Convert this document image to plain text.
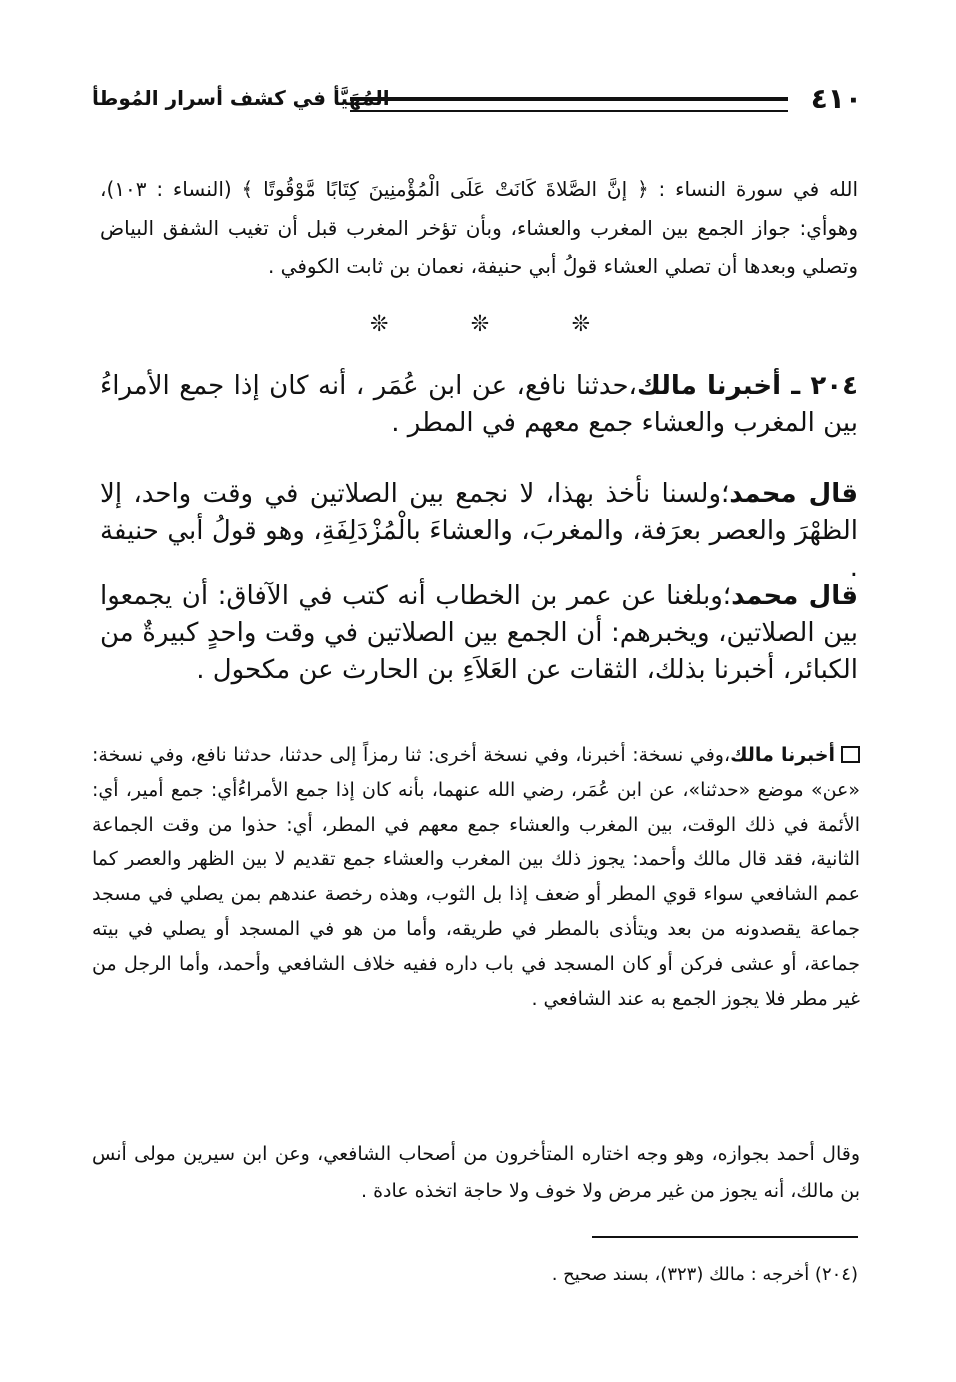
٤١٠
المُهَيَّأ في كشف أسرار المُوطأ

الله في سورة النساء : ﴿ إنَّ الصَّلاةَ كَانَتْ عَلَى الْمُؤْمنِينَ كِتَابًا مَّوْقُوتًا ﴾ (النساء : ١٠٣)، وهوأي: جواز الجمع بين المغرب والعشاء، وبأن تؤخر المغرب قبل أن تغيب الشفق البياض وتصلي وبعدها أن تصلي العشاء قولُ أبي حنيفة، نعمان بن ثابت الكوفي .

❊	❊	❊

٢٠٤ ـ أخبرنا مالك،حدثنا نافع، عن ابن عُمَر ، أنه كان إذا جمع الأمراءُ بين المغرب والعشاء جمع معهم في المطر .

قال محمد؛ولسنا نأخذ بهذا، لا نجمع بين الصلاتين في وقت واحد، إلا الظهْرَ والعصر بعرَفة، والمغربَ، والعشاءَ بالْمُزْدَلِفَةِ، وهو قولُ أبي حنيفة .

قال محمد؛وبلغنا عن عمر بن الخطاب أنه كتب في الآفاق: أن يجمعوا بين الصلاتين، ويخبرهم: أن الجمع بين الصلاتين في وقت واحدٍ كبيرةٌ من الكبائر، أخبرنا بذلك، الثقات عن العَلاَءِ بن الحارث عن مكحول .

أخبرنا مالك،وفي نسخة: أخبرنا، وفي نسخة أخرى: ثنا رمزاً إلى حدثنا، حدثنا نافع، وفي نسخة: «عن» موضع «حدثنا»، عن ابن عُمَر، رضي الله عنهما، بأنه كان إذا جمع الأمراءُأي: جمع أمير، أي: الأئمة في ذلك الوقت، بين المغرب والعشاء جمع معهم في المطر، أي: حذوا من وقت الجماعة الثانية، فقد قال مالك وأحمد: يجوز ذلك بين المغرب والعشاء جمع تقديم لا بين الظهر والعصر كما عمم الشافعي سواء قوي المطر أو ضعف إذا بل الثوب، وهذه رخصة عندهم بمن يصلي في مسجد جماعة يقصدونه من بعد ويتأذى بالمطر في طريقه، وأما من هو في المسجد أو يصلي في بيته جماعة، أو عشى فركن أو كان المسجد في باب داره ففيه خلاف الشافعي وأحمد، وأما الرجل من غير مطر فلا يجوز الجمع به عند الشافعي .

وقال أحمد بجوازه، وهو وجه اختاره المتأخرون من أصحاب الشافعي، وعن ابن سيرين مولى أنس بن مالك، أنه يجوز من غير مرض ولا خوف ولا حاجة اتخذه عادة .

(٢٠٤) أخرجه : مالك (٣٢٣)، بسند صحيح .
